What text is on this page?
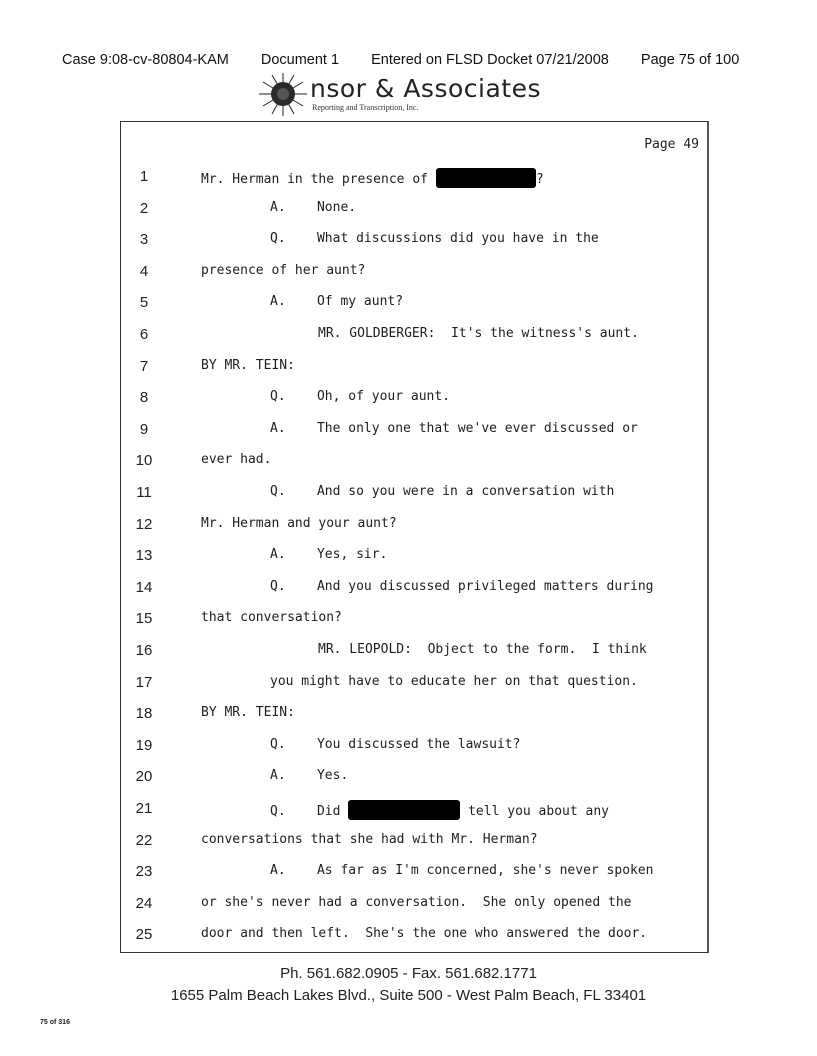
Case 9:08-cv-80804-KAM Document 1 Entered on FLSD Docket 07/21/2008 Page 75 of 100
nsor & Associates
Reporting and Transcription, Inc.
Page 49
1	Mr. Herman in the presence of	?
2	A.    None.
3	Q.    What discussions did you have in the
4	presence of her aunt?
5	A.    Of my aunt?
6	MR. GOLDBERGER:  It's the witness's aunt.
7	BY MR. TEIN:
8	Q.    Oh, of your aunt.
9	A.    The only one that we've ever discussed or
10	ever had.
11	Q.    And so you were in a conversation with
12	Mr. Herman and your aunt?
13	A.    Yes, sir.
14	Q.    And you discussed privileged matters during
15	that conversation?
16	MR. LEOPOLD:  Object to the form.  I think
17	you might have to educate her on that question.
18	BY MR. TEIN:
19	Q.    You discussed the lawsuit?
20	A.    Yes.
21	Q.    Did	tell you about any
22	conversations that she had with Mr. Herman?
23	A.    As far as I'm concerned, she's never spoken
24	or she's never had a conversation.  She only opened the
25	door and then left.  She's the one who answered the door.
Ph. 561.682.0905 - Fax. 561.682.1771
1655 Palm Beach Lakes Blvd., Suite 500 - West Palm Beach, FL 33401
75 of 316
